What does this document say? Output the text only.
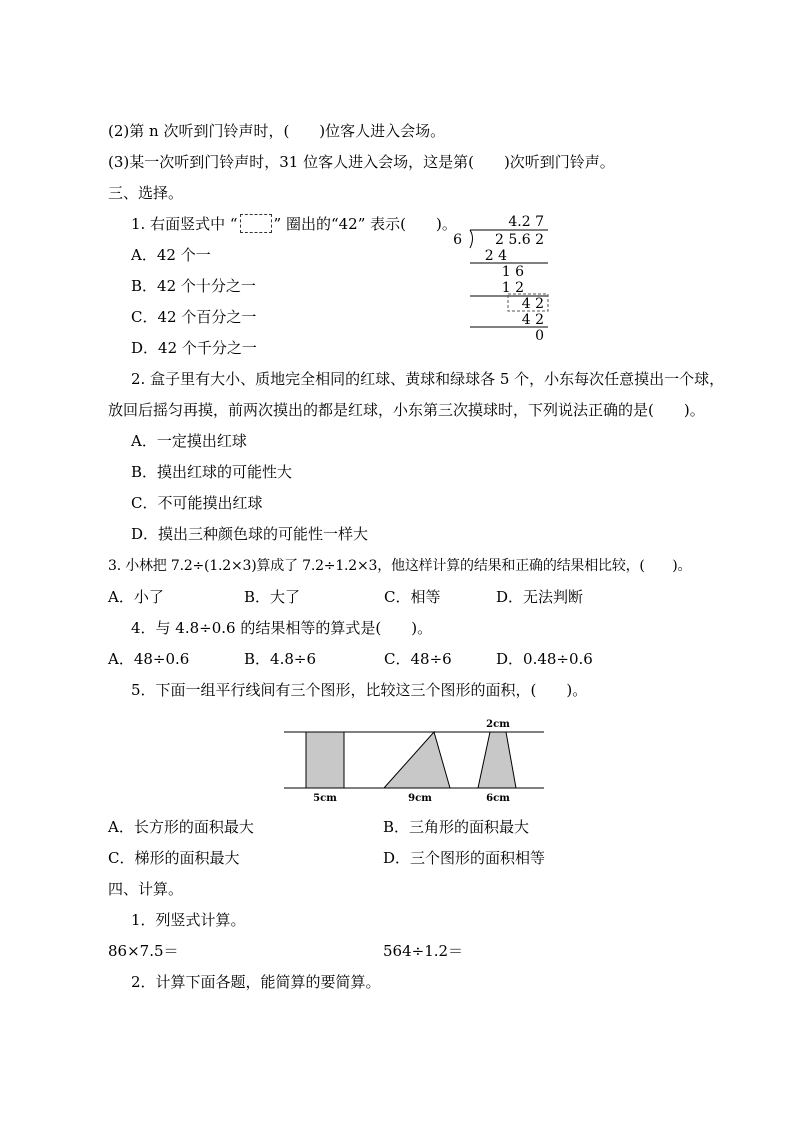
(2)第 n 次听到门铃声时，(　　)位客人进入会场。
(3)某一次听到门铃声时，31 位客人进入会场，这是第(　　)次听到门铃声。
三、选择。
1. 右面竖式中 “ ” 圈出的“42” 表示(　　)。
A．42 个一
B．42 个十分之一
C．42 个百分之一
D．42 个千分之一
4.2 7
6 2 5.6 2
2 4
1 6
1 2
4 2
4 2
0
2. 盒子里有大小、质地完全相同的红球、黄球和绿球各 5 个，小东每次任意摸出一个球，
放回后摇匀再摸，前两次摸出的都是红球，小东第三次摸球时，下列说法正确的是(　　)。
A．一定摸出红球
B．摸出红球的可能性大
C．不可能摸出红球
D．摸出三种颜色球的可能性一样大
3. 小林把 7.2÷(1.2×3)算成了 7.2÷1.2×3，他这样计算的结果和正确的结果相比较，(　　)。
A．小了	B．大了	C．相等	D．无法判断
4．与 4.8÷0.6 的结果相等的算式是(　　)。
A．48÷0.6	B．4.8÷6	C．48÷6	D．0.48÷0.6
5．下面一组平行线间有三个图形，比较这三个图形的面积，(　　)。
2cm
5cm	9cm	6cm
A．长方形的面积最大	B．三角形的面积最大
C．梯形的面积最大	D．三个图形的面积相等
四、计算。
1．列竖式计算。
86×7.5＝	564÷1.2＝
2．计算下面各题，能简算的要简算。
